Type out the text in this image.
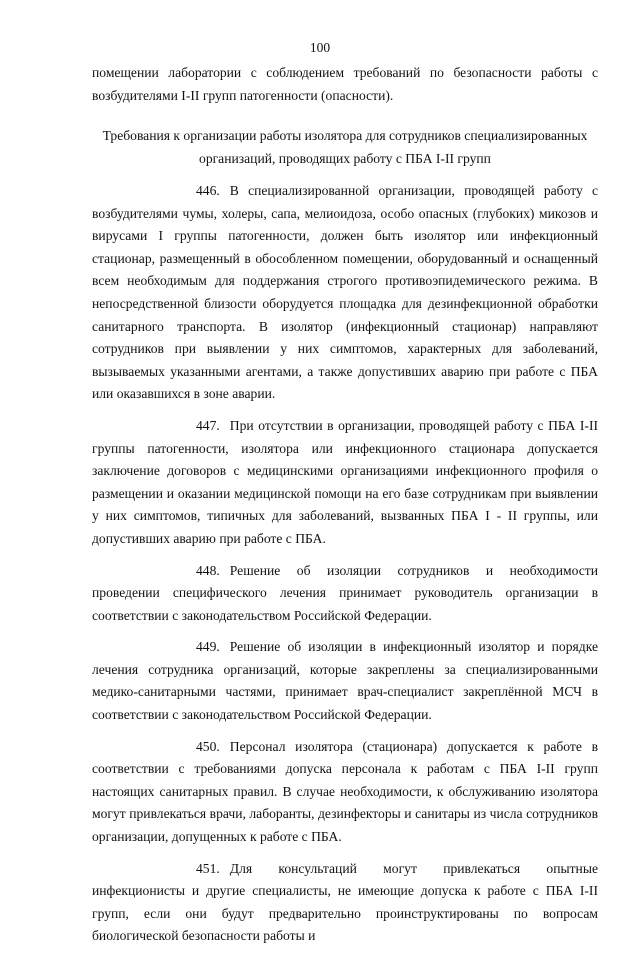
100

помещении лаборатории с соблюдением требований по безопасности работы с возбудителями I-II групп патогенности (опасности).

Требования к организации работы изолятора для сотрудников специализированных организаций, проводящих работу с ПБА I-II групп

446. В специализированной организации, проводящей работу с возбудителями чумы, холеры, сапа, мелиоидоза, особо опасных (глубоких) микозов и вирусами I группы патогенности, должен быть изолятор или инфекционный стационар, размещенный в обособленном помещении, оборудованный и оснащенный всем необходимым для поддержания строгого противоэпидемического режима. В непосредственной близости оборудуется площадка для дезинфекционной обработки санитарного транспорта. В изолятор (инфекционный стационар) направляют сотрудников при выявлении у них симптомов, характерных для заболеваний, вызываемых указанными агентами, а также допустивших аварию при работе с ПБА или оказавшихся в зоне аварии.

447. При отсутствии в организации, проводящей работу с ПБА I-II группы патогенности, изолятора или инфекционного стационара допускается заключение договоров с медицинскими организациями инфекционного профиля о размещении и оказании медицинской помощи на его базе сотрудникам при выявлении у них симптомов, типичных для заболеваний, вызванных ПБА I - II группы, или допустивших аварию при работе с ПБА.

448. Решение об изоляции сотрудников и необходимости проведении специфического лечения принимает руководитель организации в соответствии с законодательством Российской Федерации.

449. Решение об изоляции в инфекционный изолятор и порядке лечения сотрудника организаций, которые закреплены за специализированными медико-санитарными частями, принимает врач-специалист закреплённой МСЧ в соответствии с законодательством Российской Федерации.

450. Персонал изолятора (стационара) допускается к работе в соответствии с требованиями допуска персонала к работам с ПБА I-II групп настоящих санитарных правил. В случае необходимости, к обслуживанию изолятора могут привлекаться врачи, лаборанты, дезинфекторы и санитары из числа сотрудников организации, допущенных к работе с ПБА.

451. Для консультаций могут привлекаться опытные инфекционисты и другие специалисты, не имеющие допуска к работе с ПБА I-II групп, если они будут предварительно проинструктированы по вопросам биологической безопасности работы и
